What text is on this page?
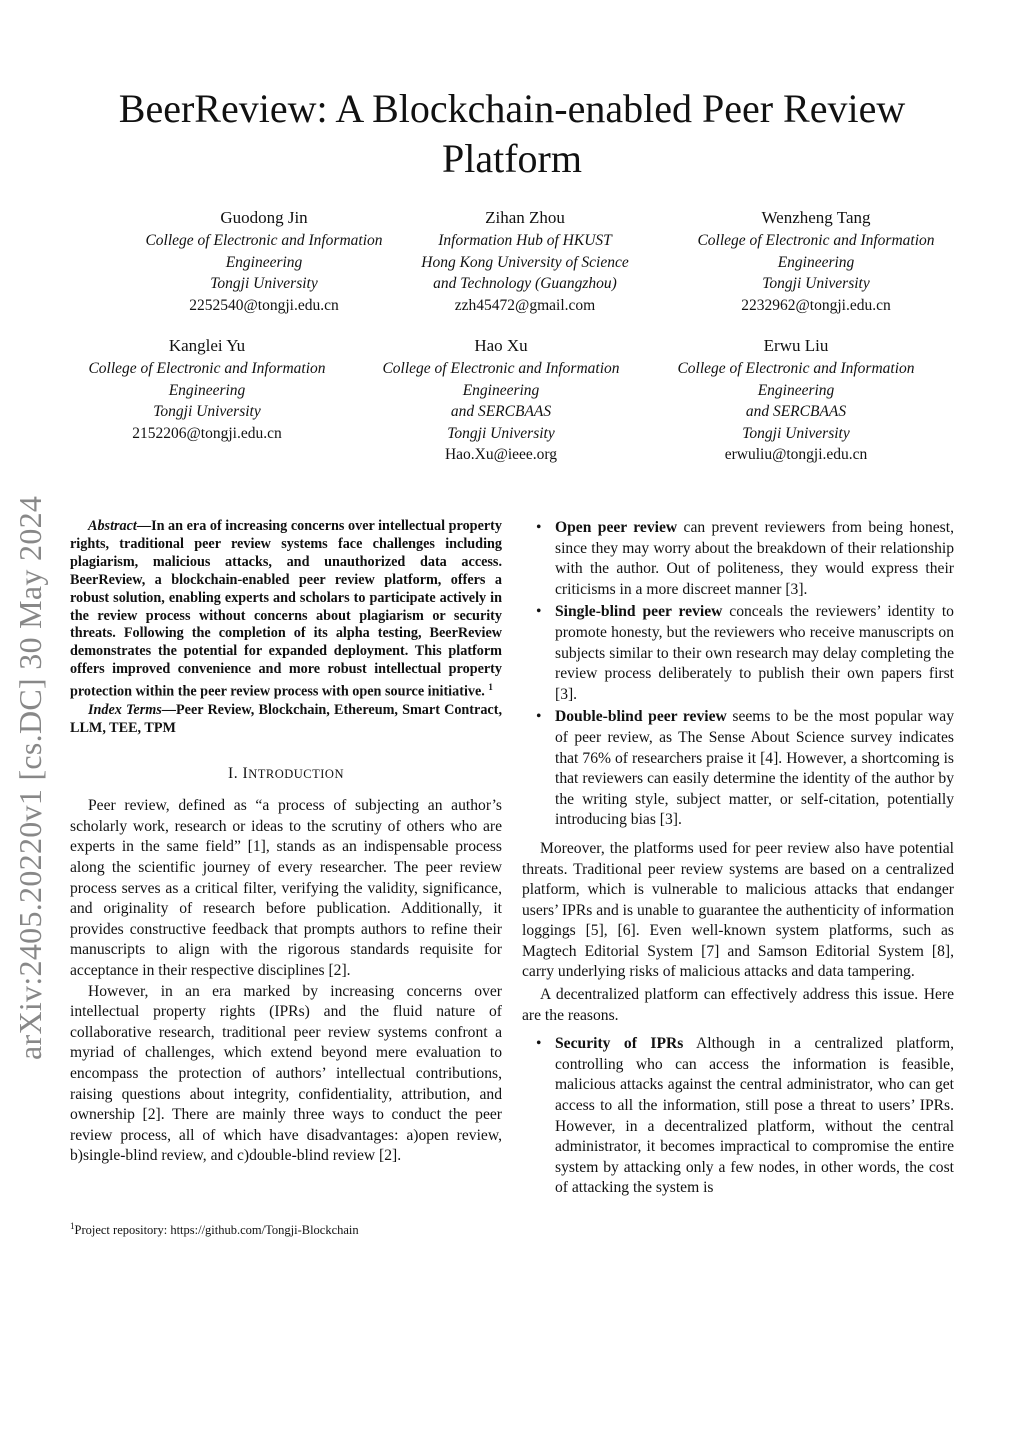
BeerReview: A Blockchain-enabled Peer Review Platform
arXiv:2405.20220v1 [cs.DC] 30 May 2024
Guodong Jin
College of Electronic and Information
Engineering
Tongji University
2252540@tongji.edu.cn
Zihan Zhou
Information Hub of HKUST
Hong Kong University of Science
and Technology (Guangzhou)
zzh45472@gmail.com
Wenzheng Tang
College of Electronic and Information
Engineering
Tongji University
2232962@tongji.edu.cn
Kanglei Yu
College of Electronic and Information
Engineering
Tongji University
2152206@tongji.edu.cn
Hao Xu
College of Electronic and Information
Engineering
and SERCBAAS
Tongji University
Hao.Xu@ieee.org
Erwu Liu
College of Electronic and Information
Engineering
and SERCBAAS
Tongji University
erwuliu@tongji.edu.cn

Abstract—In an era of increasing concerns over intellectual property rights, traditional peer review systems face challenges including plagiarism, malicious attacks, and unauthorized data access. BeerReview, a blockchain-enabled peer review platform, offers a robust solution, enabling experts and scholars to participate actively in the review process without concerns about plagiarism or security threats. Following the completion of its alpha testing, BeerReview demonstrates the potential for expanded deployment. This platform offers improved convenience and more robust intellectual property protection within the peer review process with open source initiative. $^1$

Index Terms—Peer Review, Blockchain, Ethereum, Smart Contract, LLM, TEE, TPM

I. INTRODUCTION

Peer review, defined as “a process of subjecting an author’s scholarly work, research or ideas to the scrutiny of others who are experts in the same field” [1], stands as an indispensable process along the scientific journey of every researcher. The peer review process serves as a critical filter, verifying the validity, significance, and originality of research before publication. Additionally, it provides constructive feedback that prompts authors to refine their manuscripts to align with the rigorous standards requisite for acceptance in their respective disciplines [2].

However, in an era marked by increasing concerns over intellectual property rights (IPRs) and the fluid nature of collaborative research, traditional peer review systems confront a myriad of challenges, which extend beyond mere evaluation to encompass the protection of authors’ intellectual contributions, raising questions about integrity, confidentiality, attribution, and ownership [2]. There are mainly three ways to conduct the peer review process, all of which have disadvantages: a)open review, b)single-blind review, and c)double-blind review [2].

$^1$Project repository: https://github.com/Tongji-Blockchain
• Open peer review can prevent reviewers from being honest, since they may worry about the breakdown of their relationship with the author. Out of politeness, they would express their criticisms in a more discreet manner [3].
• Single-blind peer review conceals the reviewers’ identity to promote honesty, but the reviewers who receive manuscripts on subjects similar to their own research may delay completing the review process deliberately to publish their own papers first [3].
• Double-blind peer review seems to be the most popular way of peer review, as The Sense About Science survey indicates that 76% of researchers praise it [4]. However, a shortcoming is that reviewers can easily determine the identity of the author by the writing style, subject matter, or self-citation, potentially introducing bias [3].

Moreover, the platforms used for peer review also have potential threats. Traditional peer review systems are based on a centralized platform, which is vulnerable to malicious attacks that endanger users’ IPRs and is unable to guarantee the authenticity of information loggings [5], [6]. Even well-known system platforms, such as Magtech Editorial System [7] and Samson Editorial System [8], carry underlying risks of malicious attacks and data tampering.

A decentralized platform can effectively address this issue. Here are the reasons.

• Security of IPRs Although in a centralized platform, controlling who can access the information is feasible, malicious attacks against the central administrator, who can get access to all the information, still pose a threat to users’ IPRs. However, in a decentralized platform, without the central administrator, it becomes impractical to compromise the entire system by attacking only a few nodes, in other words, the cost of attacking the system is
